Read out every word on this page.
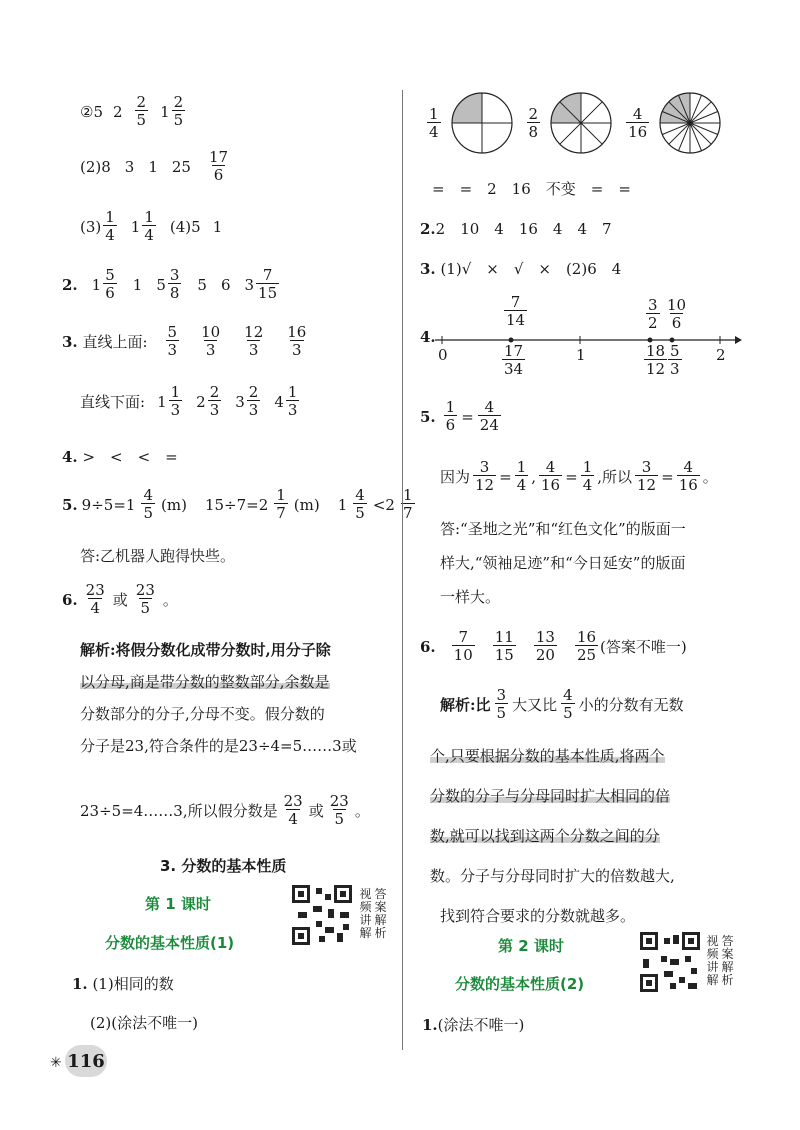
②5 $2 \frac{2}{5} 1 \frac{2}{5}$
(2)8 3 1 $25 \frac{17}{6}$
$(3) \frac{1}{4} 1 \frac{1}{4} (4)5$ 1
2. $1 \frac{5}{6} 1$ $5 \frac{3}{8} 5$ 6 $3 \frac{7}{15}$
3. 直线上面: $\frac{5}{3} \frac{10}{3} \frac{12}{3} \frac{16}{3}$
直线下面: $1 \frac{1}{3} 2 \frac{2}{3} 3 \frac{2}{3} 4 \frac{1}{3}$
4. >　<　<　=
5. $9\div 5=1 \frac{4}{5} (m)$ $15\div 7=2 \frac{1}{7} (m)$ $1 \frac{4}{5} <2 \frac{1}{7}$
答:乙机器人跑得快些。
6. $\frac{23}{4}$ 或 $\frac{23}{5}$ 。
解析:将假分数化成带分数时,用分子除
以分母,商是带分数的整数部分,余数是
分数部分的分子,分母不变。假分数的
分子是23,符合条件的是23÷4=5……3或
23÷5=4……3,所以假分数是 $\frac{23}{4}$ 或 $\frac{23}{5}$ 。
3. 分数的基本性质
第 1 课时
分数的基本性质(1)
视 答
频 案
讲 解
解 析
1. (1)相同的数
(2)(涂法不唯一)
✳ 116
$\frac{1}{4}$	$\frac{2}{8}$	$\frac{4}{16}$
=　=　2　16　不变　=　=
2.2　10　4　16　4　4　7
3. (1)√　×　√　×　(2)6　4
4.
0	1	2
$\frac{7}{14}$	$\frac{3}{2} \frac{10}{6}$
$\frac{17}{34}$	$\frac{18}{12} \frac{5}{3}$
5. $\frac{1}{6} = \frac{4}{24}$
因为 $\frac{3}{12} = \frac{1}{4}$ , $\frac{4}{16} = \frac{1}{4}$ ,所以 $\frac{3}{12} = \frac{4}{16}$ 。
答:“圣地之光”和“红色文化”的版面一
样大,“领袖足迹”和“今日延安”的版面
一样大。
6. $\frac{7}{10} \frac{11}{15} \frac{13}{20} \frac{16}{25}$ (答案不唯一)
解析:比 $\frac{3}{5}$ 大又比 $\frac{4}{5}$ 小的分数有无数
个,只要根据分数的基本性质,将两个
分数的分子与分母同时扩大相同的倍
数,就可以找到这两个分数之间的分
数。分子与分母同时扩大的倍数越大,
找到符合要求的分数就越多。
第 2 课时
分数的基本性质(2)
视 答
频 案
讲 解
解 析
1.(涂法不唯一)
